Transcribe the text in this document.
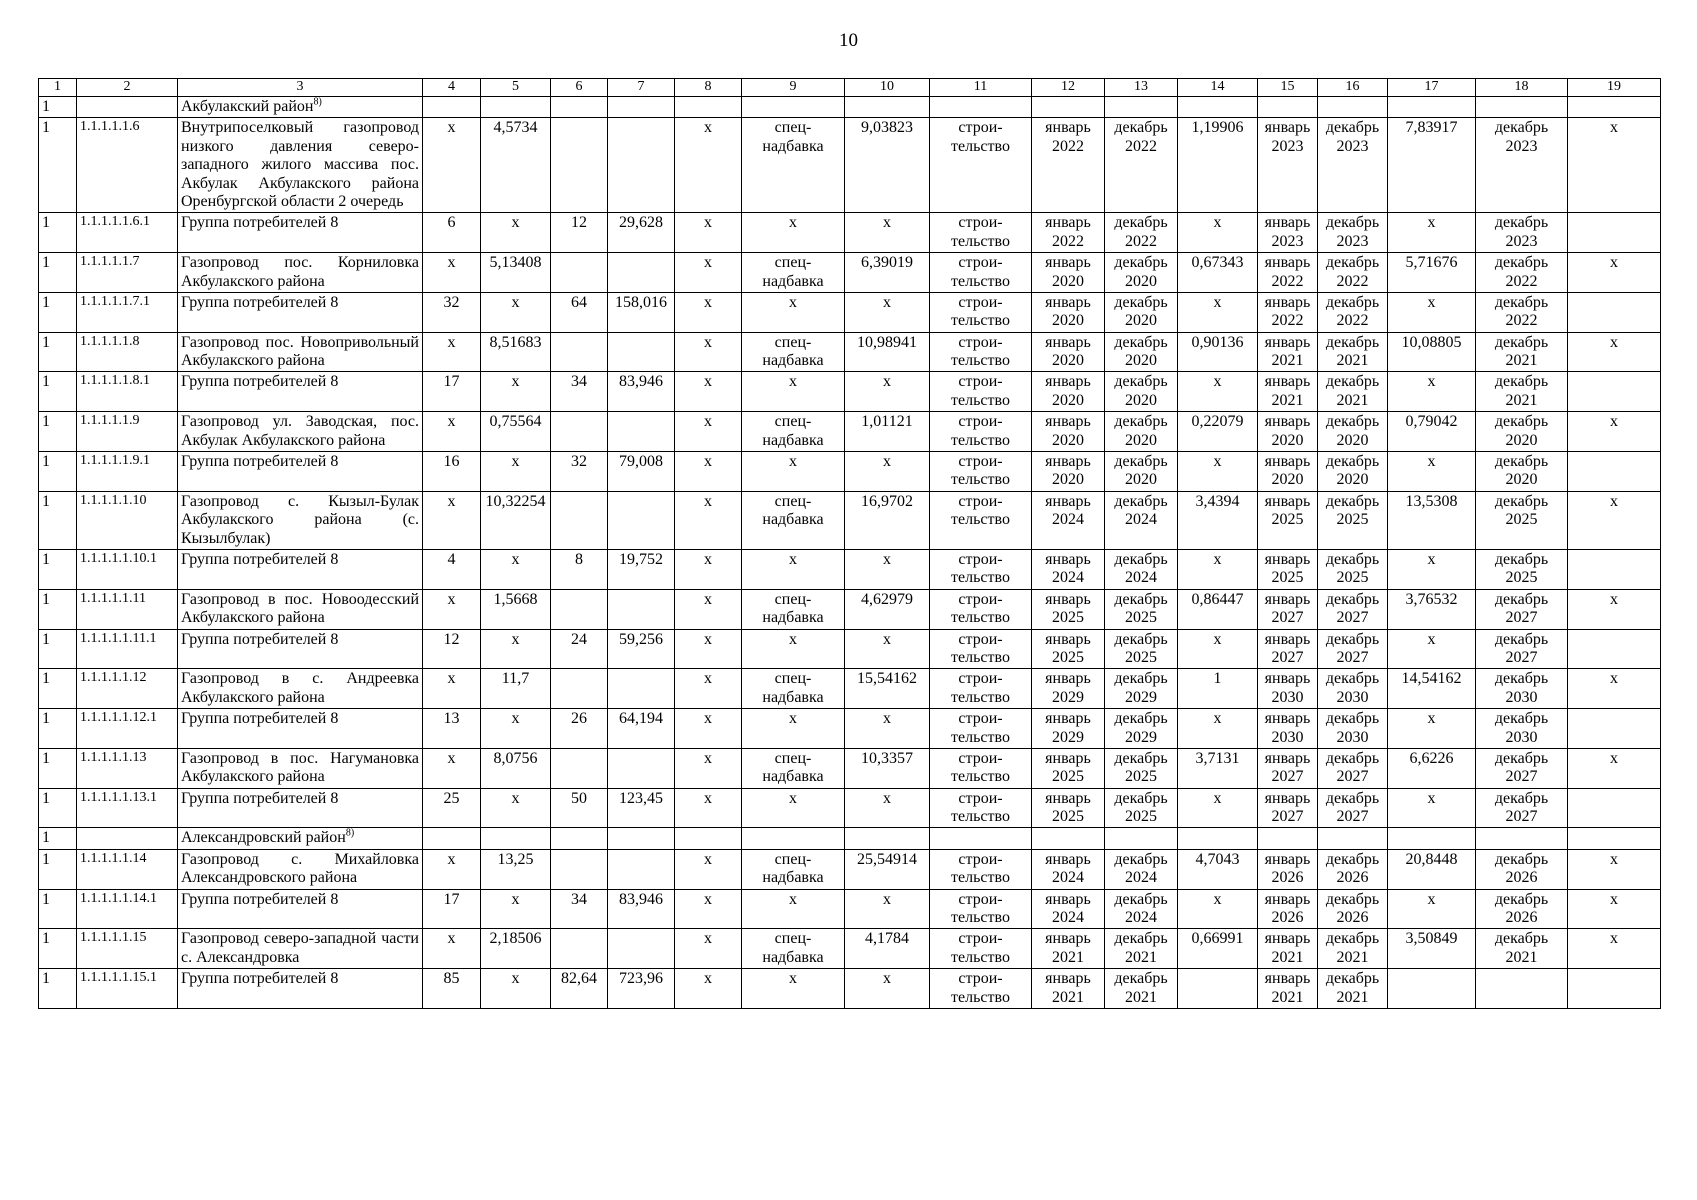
10
1	2	3	4	5	6	7	8	9	10	11	12	13	14	15	16	17	18	19
1		Акбулакский район$^{8)}$																
1	1.1.1.1.1.6	Внутрипоселковый газопровод низкого давления северо-западного жилого массива пос. Акбулак Акбулакского района Оренбургской области 2 очередь	x	4,5734			x	спец-надбавка	9,03823	строи-тельство	январь 2022	декабрь 2022	1,19906	январь 2023	декабрь 2023	7,83917	декабрь 2023	x
1	1.1.1.1.1.6.1	Группа потребителей 8	6	x	12	29,628	x	x	x	строи-тельство	январь 2022	декабрь 2022	x	январь 2023	декабрь 2023	x	декабрь 2023	
1	1.1.1.1.1.7	Газопровод пос. Корниловка Акбулакского района	x	5,13408			x	спец-надбавка	6,39019	строи-тельство	январь 2020	декабрь 2020	0,67343	январь 2022	декабрь 2022	5,71676	декабрь 2022	x
1	1.1.1.1.1.7.1	Группа потребителей 8	32	x	64	158,016	x	x	x	строи-тельство	январь 2020	декабрь 2020	x	январь 2022	декабрь 2022	x	декабрь 2022	
1	1.1.1.1.1.8	Газопровод пос. Новопривольный Акбулакского района	x	8,51683			x	спец-надбавка	10,98941	строи-тельство	январь 2020	декабрь 2020	0,90136	январь 2021	декабрь 2021	10,08805	декабрь 2021	x
1	1.1.1.1.1.8.1	Группа потребителей 8	17	x	34	83,946	x	x	x	строи-тельство	январь 2020	декабрь 2020	x	январь 2021	декабрь 2021	x	декабрь 2021	
1	1.1.1.1.1.9	Газопровод ул. Заводская, пос. Акбулак Акбулакского района	x	0,75564			x	спец-надбавка	1,01121	строи-тельство	январь 2020	декабрь 2020	0,22079	январь 2020	декабрь 2020	0,79042	декабрь 2020	x
1	1.1.1.1.1.9.1	Группа потребителей 8	16	x	32	79,008	x	x	x	строи-тельство	январь 2020	декабрь 2020	x	январь 2020	декабрь 2020	x	декабрь 2020	
1	1.1.1.1.1.10	Газопровод с. Кызыл-Булак Акбулакского района (с. Кызылбулак)	x	10,32254			x	спец-надбавка	16,9702	строи-тельство	январь 2024	декабрь 2024	3,4394	январь 2025	декабрь 2025	13,5308	декабрь 2025	x
1	1.1.1.1.1.10.1	Группа потребителей 8	4	x	8	19,752	x	x	x	строи-тельство	январь 2024	декабрь 2024	x	январь 2025	декабрь 2025	x	декабрь 2025	
1	1.1.1.1.1.11	Газопровод в пос. Новоодесский Акбулакского района	x	1,5668			x	спец-надбавка	4,62979	строи-тельство	январь 2025	декабрь 2025	0,86447	январь 2027	декабрь 2027	3,76532	декабрь 2027	x
1	1.1.1.1.1.11.1	Группа потребителей 8	12	x	24	59,256	x	x	x	строи-тельство	январь 2025	декабрь 2025	x	январь 2027	декабрь 2027	x	декабрь 2027	
1	1.1.1.1.1.12	Газопровод в с. Андреевка Акбулакского района	x	11,7			x	спец-надбавка	15,54162	строи-тельство	январь 2029	декабрь 2029	1	январь 2030	декабрь 2030	14,54162	декабрь 2030	x
1	1.1.1.1.1.12.1	Группа потребителей 8	13	x	26	64,194	x	x	x	строи-тельство	январь 2029	декабрь 2029	x	январь 2030	декабрь 2030	x	декабрь 2030	
1	1.1.1.1.1.13	Газопровод в пос. Нагумановка Акбулакского района	x	8,0756			x	спец-надбавка	10,3357	строи-тельство	январь 2025	декабрь 2025	3,7131	январь 2027	декабрь 2027	6,6226	декабрь 2027	x
1	1.1.1.1.1.13.1	Группа потребителей 8	25	x	50	123,45	x	x	x	строи-тельство	январь 2025	декабрь 2025	x	январь 2027	декабрь 2027	x	декабрь 2027	
1		Александровский район$^{8)}$																
1	1.1.1.1.1.14	Газопровод с. Михайловка Александровского района	x	13,25			x	спец-надбавка	25,54914	строи-тельство	январь 2024	декабрь 2024	4,7043	январь 2026	декабрь 2026	20,8448	декабрь 2026	x
1	1.1.1.1.1.14.1	Группа потребителей 8	17	x	34	83,946	x	x	x	строи-тельство	январь 2024	декабрь 2024	x	январь 2026	декабрь 2026	x	декабрь 2026	x
1	1.1.1.1.1.15	Газопровод северо-западной части с. Александровка	x	2,18506			x	спец-надбавка	4,1784	строи-тельство	январь 2021	декабрь 2021	0,66991	январь 2021	декабрь 2021	3,50849	декабрь 2021	x
1	1.1.1.1.1.15.1	Группа потребителей 8	85	x	82,64	723,96	x	x	x	строи-тельство	январь 2021	декабрь 2021		январь 2021	декабрь 2021			
